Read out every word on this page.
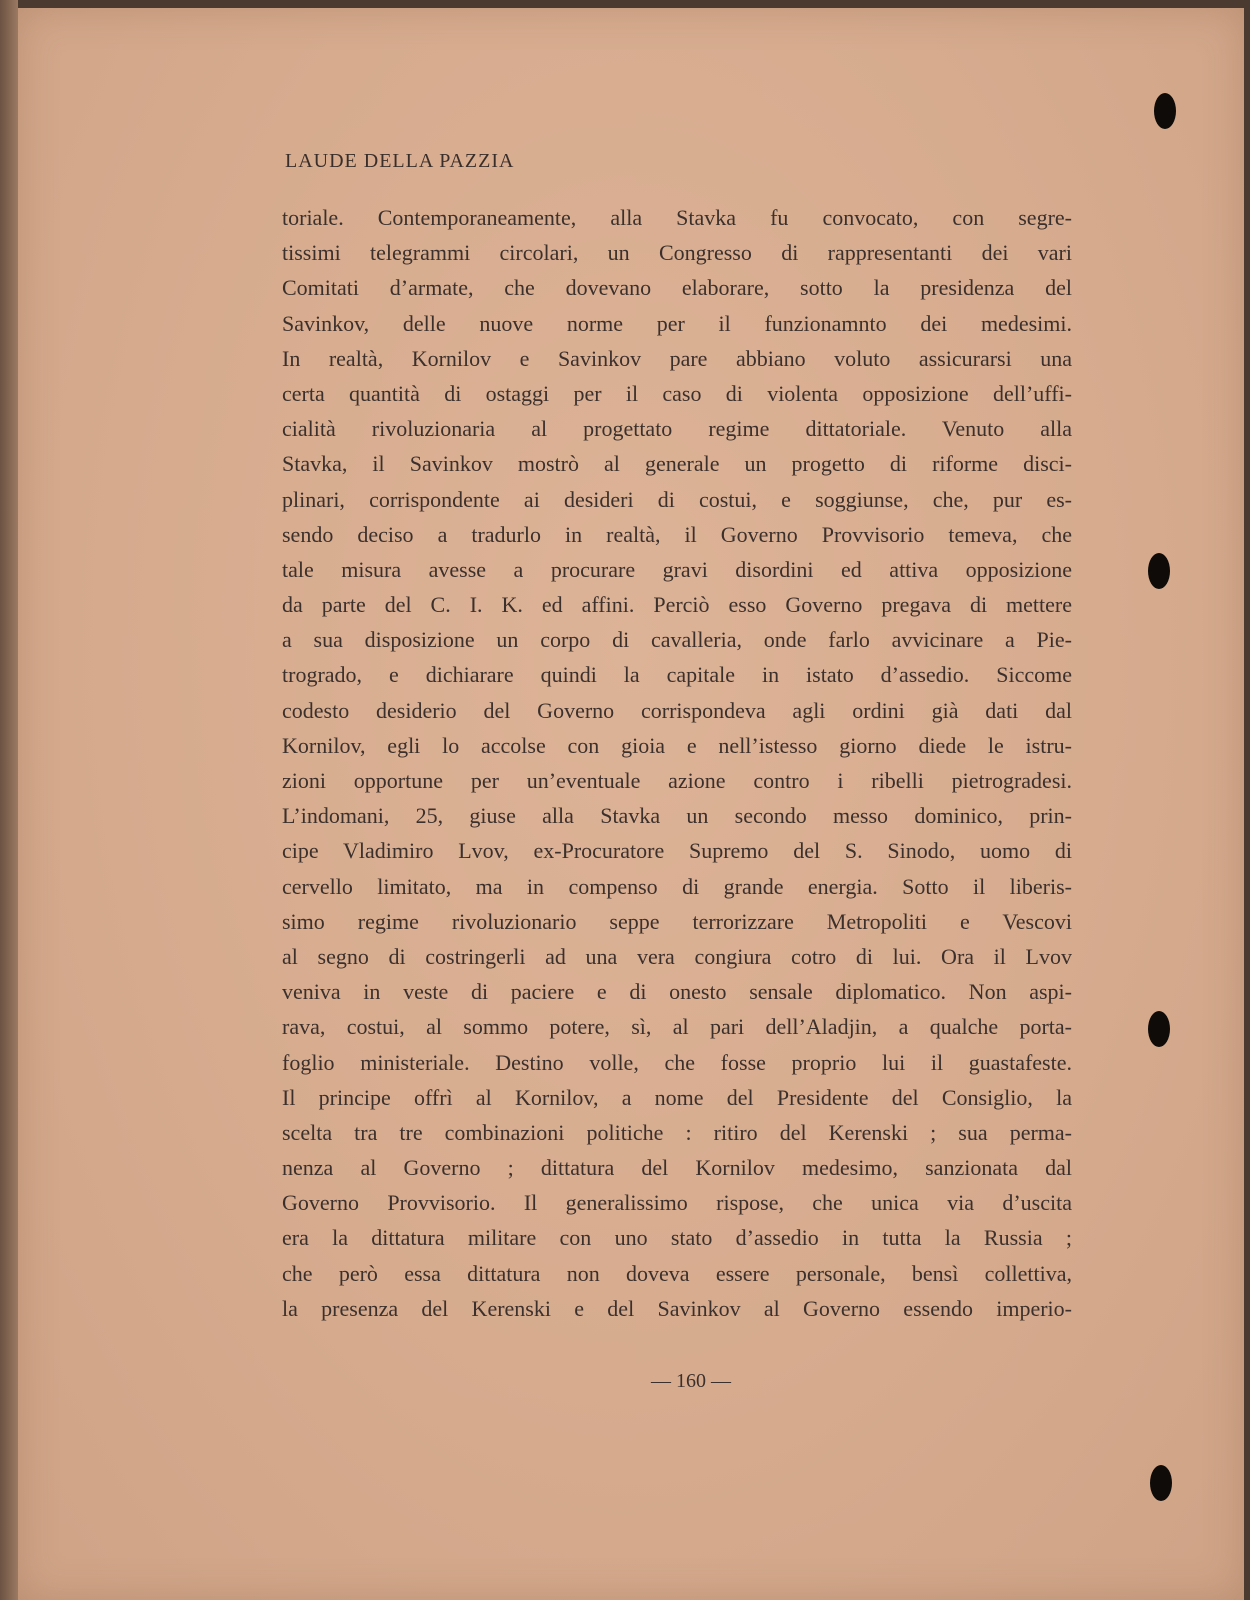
LAUDE DELLA PAZZIA
toriale. Contemporaneamente, alla Stavka fu convocato, con segre-
tissimi telegrammi circolari, un Congresso di rappresentanti dei vari
Comitati d’armate, che dovevano elaborare, sotto la presidenza del
Savinkov, delle nuove norme per il funzionamnto dei medesimi.
In realtà, Kornilov e Savinkov pare abbiano voluto assicurarsi una
certa quantità di ostaggi per il caso di violenta opposizione dell’uffi-
cialità rivoluzionaria al progettato regime dittatoriale. Venuto alla
Stavka, il Savinkov mostrò al generale un progetto di riforme disci-
plinari, corrispondente ai desideri di costui, e soggiunse, che, pur es-
sendo deciso a tradurlo in realtà, il Governo Provvisorio temeva, che
tale misura avesse a procurare gravi disordini ed attiva opposizione
da parte del C. I. K. ed affini. Perciò esso Governo pregava di mettere
a sua disposizione un corpo di cavalleria, onde farlo avvicinare a Pie-
trogrado, e dichiarare quindi la capitale in istato d’assedio. Siccome
codesto desiderio del Governo corrispondeva agli ordini già dati dal
Kornilov, egli lo accolse con gioia e nell’istesso giorno diede le istru-
zioni opportune per un’eventuale azione contro i ribelli pietrogradesi.
L’indomani, 25, giuse alla Stavka un secondo messo dominico, prin-
cipe Vladimiro Lvov, ex-Procuratore Supremo del S. Sinodo, uomo di
cervello limitato, ma in compenso di grande energia. Sotto il liberis-
simo regime rivoluzionario seppe terrorizzare Metropoliti e Vescovi
al segno di costringerli ad una vera congiura cotro di lui. Ora il Lvov
veniva in veste di paciere e di onesto sensale diplomatico. Non aspi-
rava, costui, al sommo potere, sì, al pari dell’Aladjin, a qualche porta-
foglio ministeriale. Destino volle, che fosse proprio lui il guastafeste.
Il principe offrì al Kornilov, a nome del Presidente del Consiglio, la
scelta tra tre combinazioni politiche : ritiro del Kerenski ; sua perma-
nenza al Governo ; dittatura del Kornilov medesimo, sanzionata dal
Governo Provvisorio. Il generalissimo rispose, che unica via d’uscita
era la dittatura militare con uno stato d’assedio in tutta la Russia ;
che però essa dittatura non doveva essere personale, bensì collettiva,
la presenza del Kerenski e del Savinkov al Governo essendo imperio-
— 160 —
